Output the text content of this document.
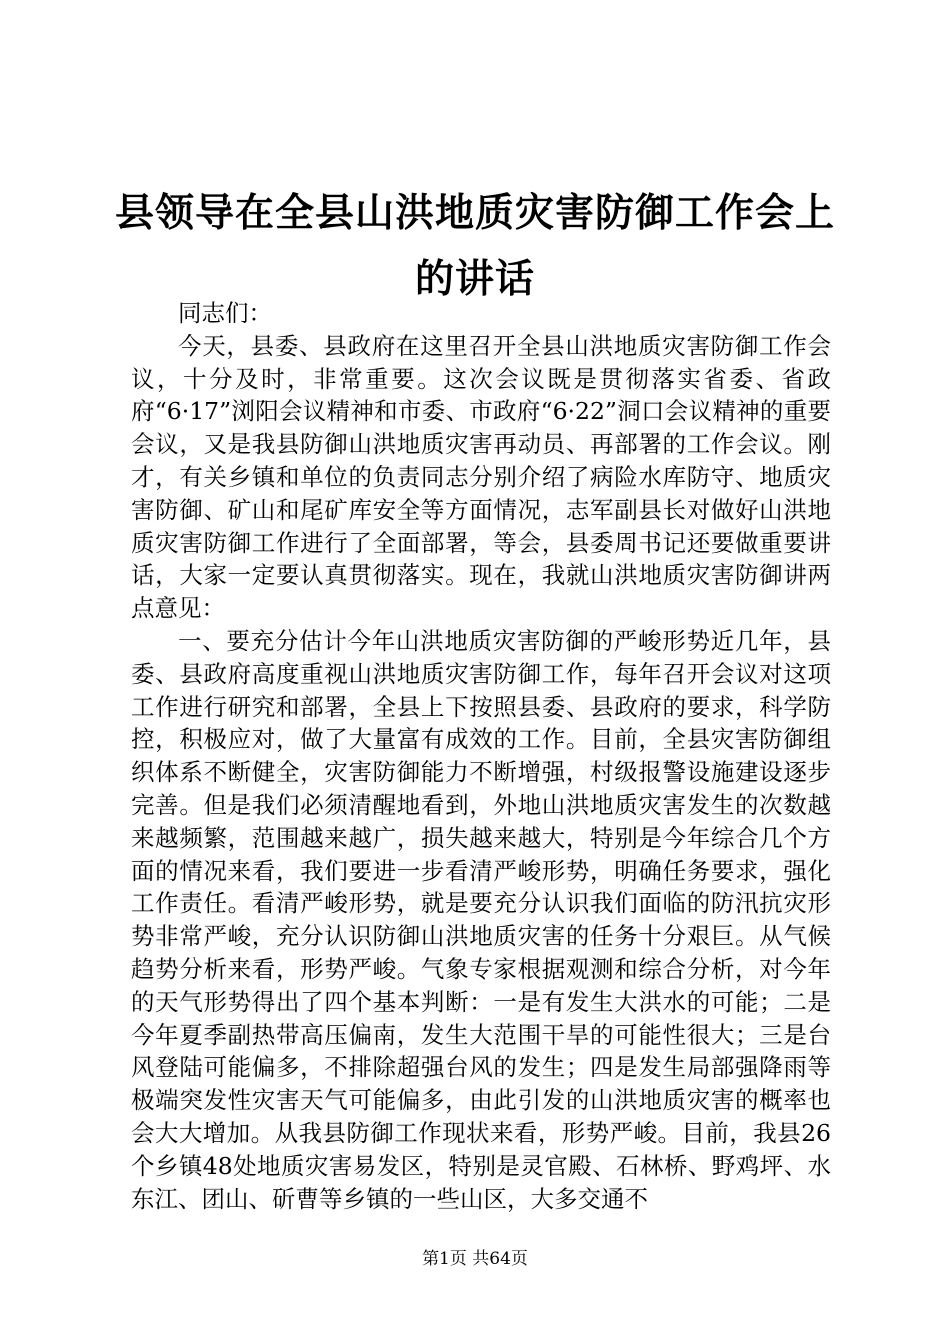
县领导在全县山洪地质灾害防御工作会上的讲话

同志们：

今天，县委、县政府在这里召开全县山洪地质灾害防御工作会议，十分及时，非常重要。这次会议既是贯彻落实省委、省政府“6·17”浏阳会议精神和市委、市政府“6·22”洞口会议精神的重要会议，又是我县防御山洪地质灾害再动员、再部署的工作会议。刚才，有关乡镇和单位的负责同志分别介绍了病险水库防守、地质灾害防御、矿山和尾矿库安全等方面情况，志军副县长对做好山洪地质灾害防御工作进行了全面部署，等会，县委周书记还要做重要讲话，大家一定要认真贯彻落实。现在，我就山洪地质灾害防御讲两点意见：

一、要充分估计今年山洪地质灾害防御的严峻形势近几年，县委、县政府高度重视山洪地质灾害防御工作，每年召开会议对这项工作进行研究和部署，全县上下按照县委、县政府的要求，科学防控，积极应对，做了大量富有成效的工作。目前，全县灾害防御组织体系不断健全，灾害防御能力不断增强，村级报警设施建设逐步完善。但是我们必须清醒地看到，外地山洪地质灾害发生的次数越来越频繁，范围越来越广，损失越来越大，特别是今年综合几个方面的情况来看，我们要进一步看清严峻形势，明确任务要求，强化工作责任。看清严峻形势，就是要充分认识我们面临的防汛抗灾形势非常严峻，充分认识防御山洪地质灾害的任务十分艰巨。从气候趋势分析来看，形势严峻。气象专家根据观测和综合分析，对今年的天气形势得出了四个基本判断：一是有发生大洪水的可能；二是今年夏季副热带高压偏南，发生大范围干旱的可能性很大；三是台风登陆可能偏多，不排除超强台风的发生；四是发生局部强降雨等极端突发性灾害天气可能偏多，由此引发的山洪地质灾害的概率也会大大增加。从我县防御工作现状来看，形势严峻。目前，我县26个乡镇48处地质灾害易发区，特别是灵官殿、石林桥、野鸡坪、水东江、团山、斫曹等乡镇的一些山区，大多交通不

第1页 共64页
